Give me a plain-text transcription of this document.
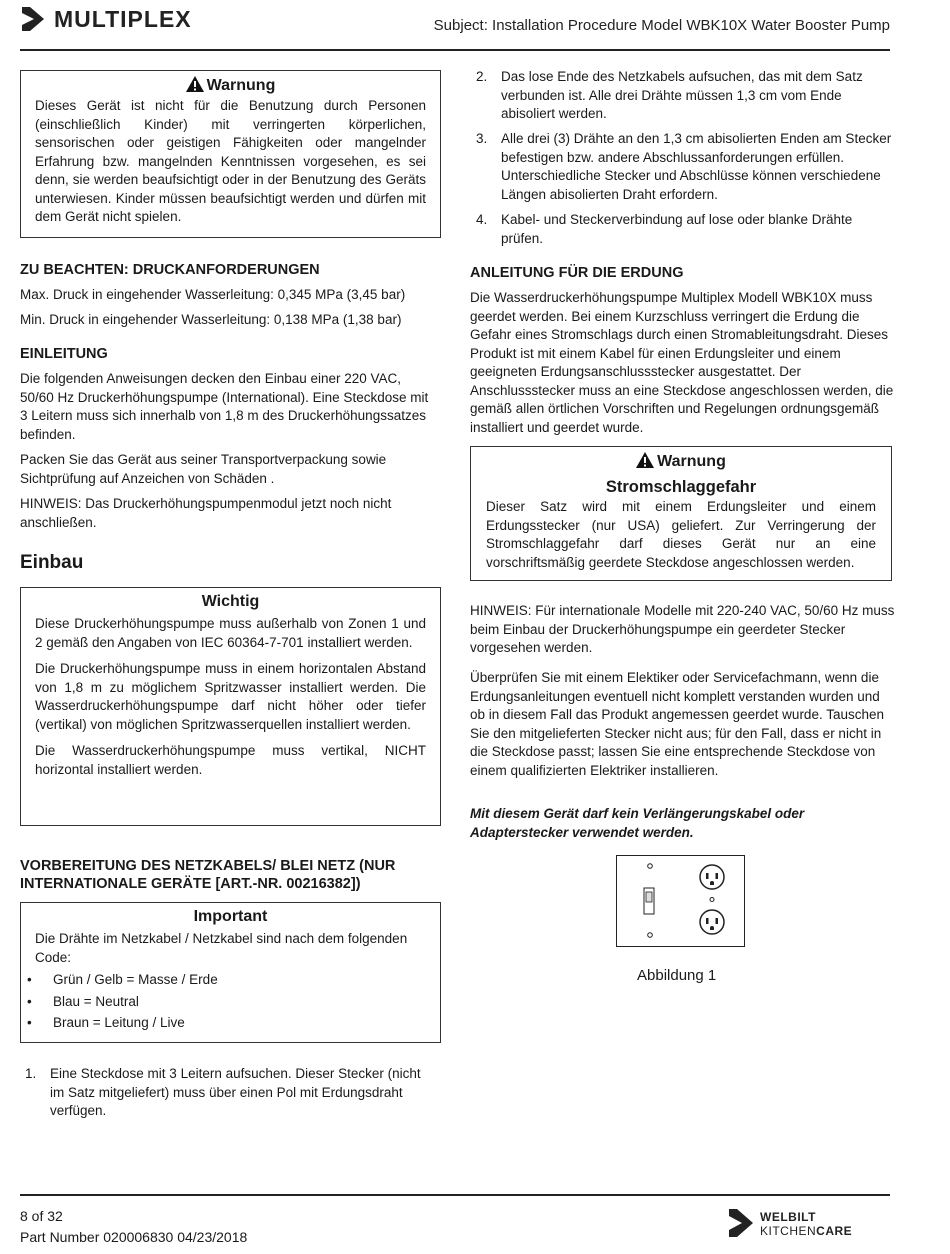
MULTIPLEX	Subject: Installation Procedure Model WBK10X Water Booster Pump
Warnung

Dieses Gerät ist nicht für die Benutzung durch Personen (einschließlich Kinder) mit verringerten körperlichen, sensorischen oder geistigen Fähigkeiten oder mangelnder Erfahrung bzw. mangelnden Kenntnissen vorgesehen, es sei denn, sie werden beaufsichtigt oder in der Benutzung des Geräts unterwiesen. Kinder müssen beaufsichtigt werden und dürfen mit dem Gerät nicht spielen.

ZU BEACHTEN: DRUCKANFORDERUNGEN

Max. Druck in eingehender Wasserleitung: 0,345 MPa (3,45 bar)

Min. Druck in eingehender Wasserleitung: 0,138 MPa (1,38 bar)

EINLEITUNG

Die folgenden Anweisungen decken den Einbau einer 220 VAC, 50/60 Hz Druckerhöhungspumpe (International). Eine Steckdose mit 3 Leitern muss sich innerhalb von 1,8 m des Druckerhöhungssatzes befinden.

Packen Sie das Gerät aus seiner Transportverpackung sowie Sichtprüfung auf Anzeichen von Schäden .

HINWEIS: Das Druckerhöhungspumpenmodul jetzt noch nicht anschließen.

Einbau
Wichtig

Diese Druckerhöhungspumpe muss außerhalb von Zonen 1 und 2 gemäß den Angaben von IEC 60364-7-701 installiert werden.

Die Druckerhöhungspumpe muss in einem horizontalen Abstand von 1,8 m zu möglichem Spritzwasser installiert werden. Die Wasserdruckerhöhungspumpe darf nicht höher oder tiefer (vertikal) von möglichen Spritzwasserquellen installiert werden.

Die Wasserdruckerhöhungspumpe muss vertikal, NICHT horizontal installiert werden.

VORBEREITUNG DES NETZKABELS/ BLEI NETZ (NUR INTERNATIONALE GERÄTE [ART.-NR. 00216382])
Important

Die Drähte im Netzkabel / Netzkabel sind nach dem folgenden Code:

• Grün / Gelb = Masse / Erde
• Blau = Neutral
• Braun = Leitung / Live
1. Eine Steckdose mit 3 Leitern aufsuchen. Dieser Stecker (nicht im Satz mitgeliefert) muss über einen Pol mit Erdungsdraht verfügen.
2. Das lose Ende des Netzkabels aufsuchen, das mit dem Satz verbunden ist. Alle drei Drähte müssen 1,3 cm vom Ende abisoliert werden.
3. Alle drei (3) Drähte an den 1,3 cm abisolierten Enden am Stecker befestigen bzw. andere Abschlussanforderungen erfüllen. Unterschiedliche Stecker und Abschlüsse können verschiedene Längen abisolierten Draht erfordern.
4. Kabel- und Steckerverbindung auf lose oder blanke Drähte prüfen.
ANLEITUNG FÜR DIE ERDUNG

Die Wasserdruckerhöhungspumpe Multiplex Modell WBK10X muss geerdet werden. Bei einem Kurzschluss verringert die Erdung die Gefahr eines Stromschlags durch einen Stromableitungsdraht. Dieses Produkt ist mit einem Kabel für einen Erdungsleiter und einem geeigneten Erdungsanschlussstecker ausgestattet. Der Anschlussstecker muss an eine Steckdose angeschlossen werden, die gemäß allen örtlichen Vorschriften und Regelungen ordnungsgemäß installiert und geerdet wurde.

Warnung
Stromschlaggefahr

Dieser Satz wird mit einem Erdungsleiter und einem Erdungsstecker (nur USA) geliefert. Zur Verringerung der Stromschlaggefahr darf dieses Gerät nur an eine vorschriftsmäßig geerdete Steckdose angeschlossen werden.

HINWEIS: Für internationale Modelle mit 220-240 VAC, 50/60 Hz muss beim Einbau der Druckerhöhungspumpe ein geerdeter Stecker vorgesehen werden.

Überprüfen Sie mit einem Elektiker oder Servicefachmann, wenn die Erdungsanleitungen eventuell nicht komplett verstanden wurden und ob in diesem Fall das Produkt angemessen geerdet wurde. Tauschen Sie den mitgelieferten Stecker nicht aus; für den Fall, dass er nicht in die Steckdose passt; lassen Sie eine entsprechende Steckdose von einem qualifizierten Elektriker installieren.

Mit diesem Gerät darf kein Verlängerungskabel oder Adapterstecker verwendet werden.

Abbildung 1
8 of 32
Part Number 020006830 04/23/2018
WELBILT
KITCHENCARE
